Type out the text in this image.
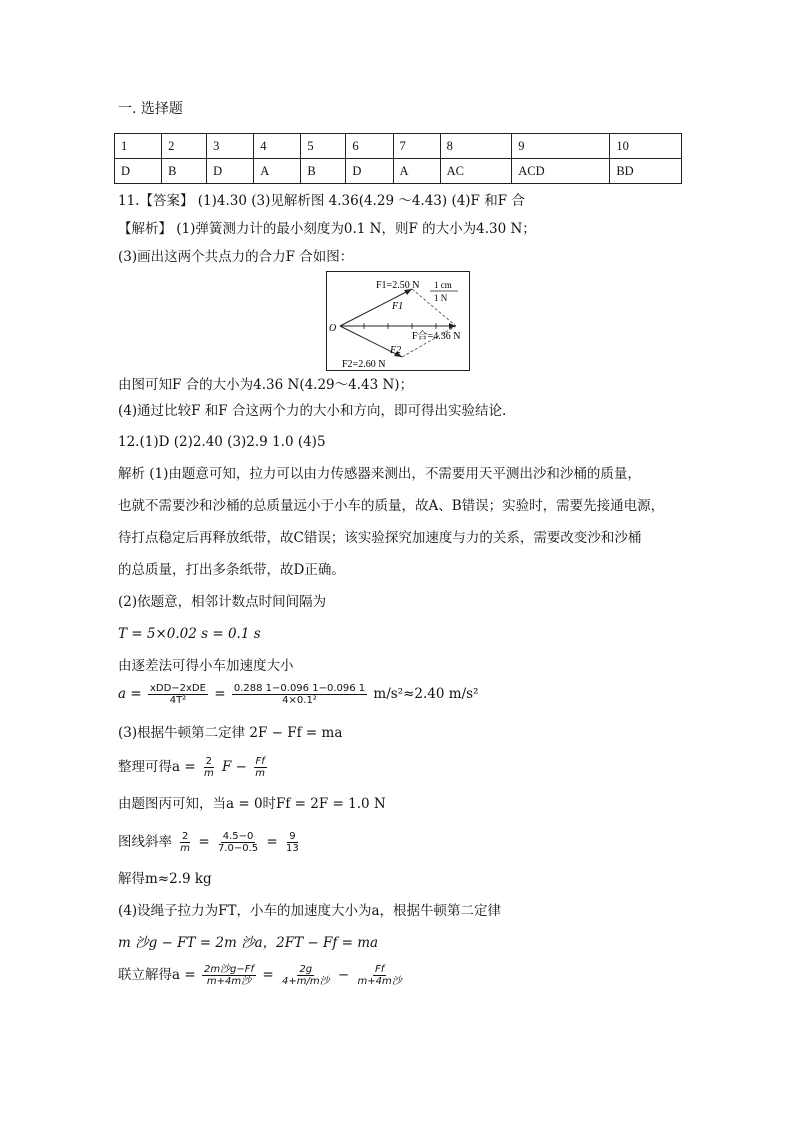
一. 选择题
1	2	3	4	5	6	7	8	9	10
D	B	D	A	B	D	A	AC	ACD	BD
11.【答案】 (1)4.30 (3)见解析图 4.36(4.29 ～4.43) (4)F 和F 合
【解析】 (1)弹簧测力计的最小刻度为0.1 N，则F 的大小为4.30 N；
(3)画出这两个共点力的合力F 合如图：
F1=2.50 N 1 cm
1 N
F1
O
F合=4.36 N
F2
F2=2.60 N
由图可知F 合的大小为4.36 N(4.29～4.43 N)；
(4)通过比较F 和F 合这两个力的大小和方向，即可得出实验结论.
12.(1)D (2)2.40 (3)2.9 1.0 (4)5
解析 (1)由题意可知，拉力可以由力传感器来测出，不需要用天平测出沙和沙桶的质量，
也就不需要沙和沙桶的总质量远小于小车的质量，故A、B错误；实验时，需要先接通电源，
待打点稳定后再释放纸带，故C错误；该实验探究加速度与力的关系，需要改变沙和沙桶
的总质量，打出多条纸带，故D正确。
(2)依题意，相邻计数点时间间隔为
T = 5×0.02 s = 0.1 s
由逐差法可得小车加速度大小
$a = \frac{\text{xDD−2xDE}}{\text{4T²}} = \frac{0.288 1-0.096 1-0.096 1}{\text{4×0.1²}} m/s^2\approx 2.40$ m/s²
(3)根据牛顿第二定律 2F − Ff = ma
整理可得$a = \frac{2}{m}$ $F - \frac{Ff}{m}$
由题图丙可知，当a = 0时Ff = 2F = 1.0 N
图线斜率 $\frac{2}{m} = \frac{4.5-0}{7.0-0.5} = \frac{9}{13}$
解得m≈2.9 kg
(4)设绳子拉力为FT，小车的加速度大小为a，根据牛顿第二定律
m 沙g − FT = 2m 沙a，2FT − Ff = ma
联立解得$a = \frac{\text{2m沙g−Ff}}{\text{m+4m沙}} = \frac{2g}{\text{4+m/m沙}} - \frac{Ff}{\text{m+4m沙}}$
